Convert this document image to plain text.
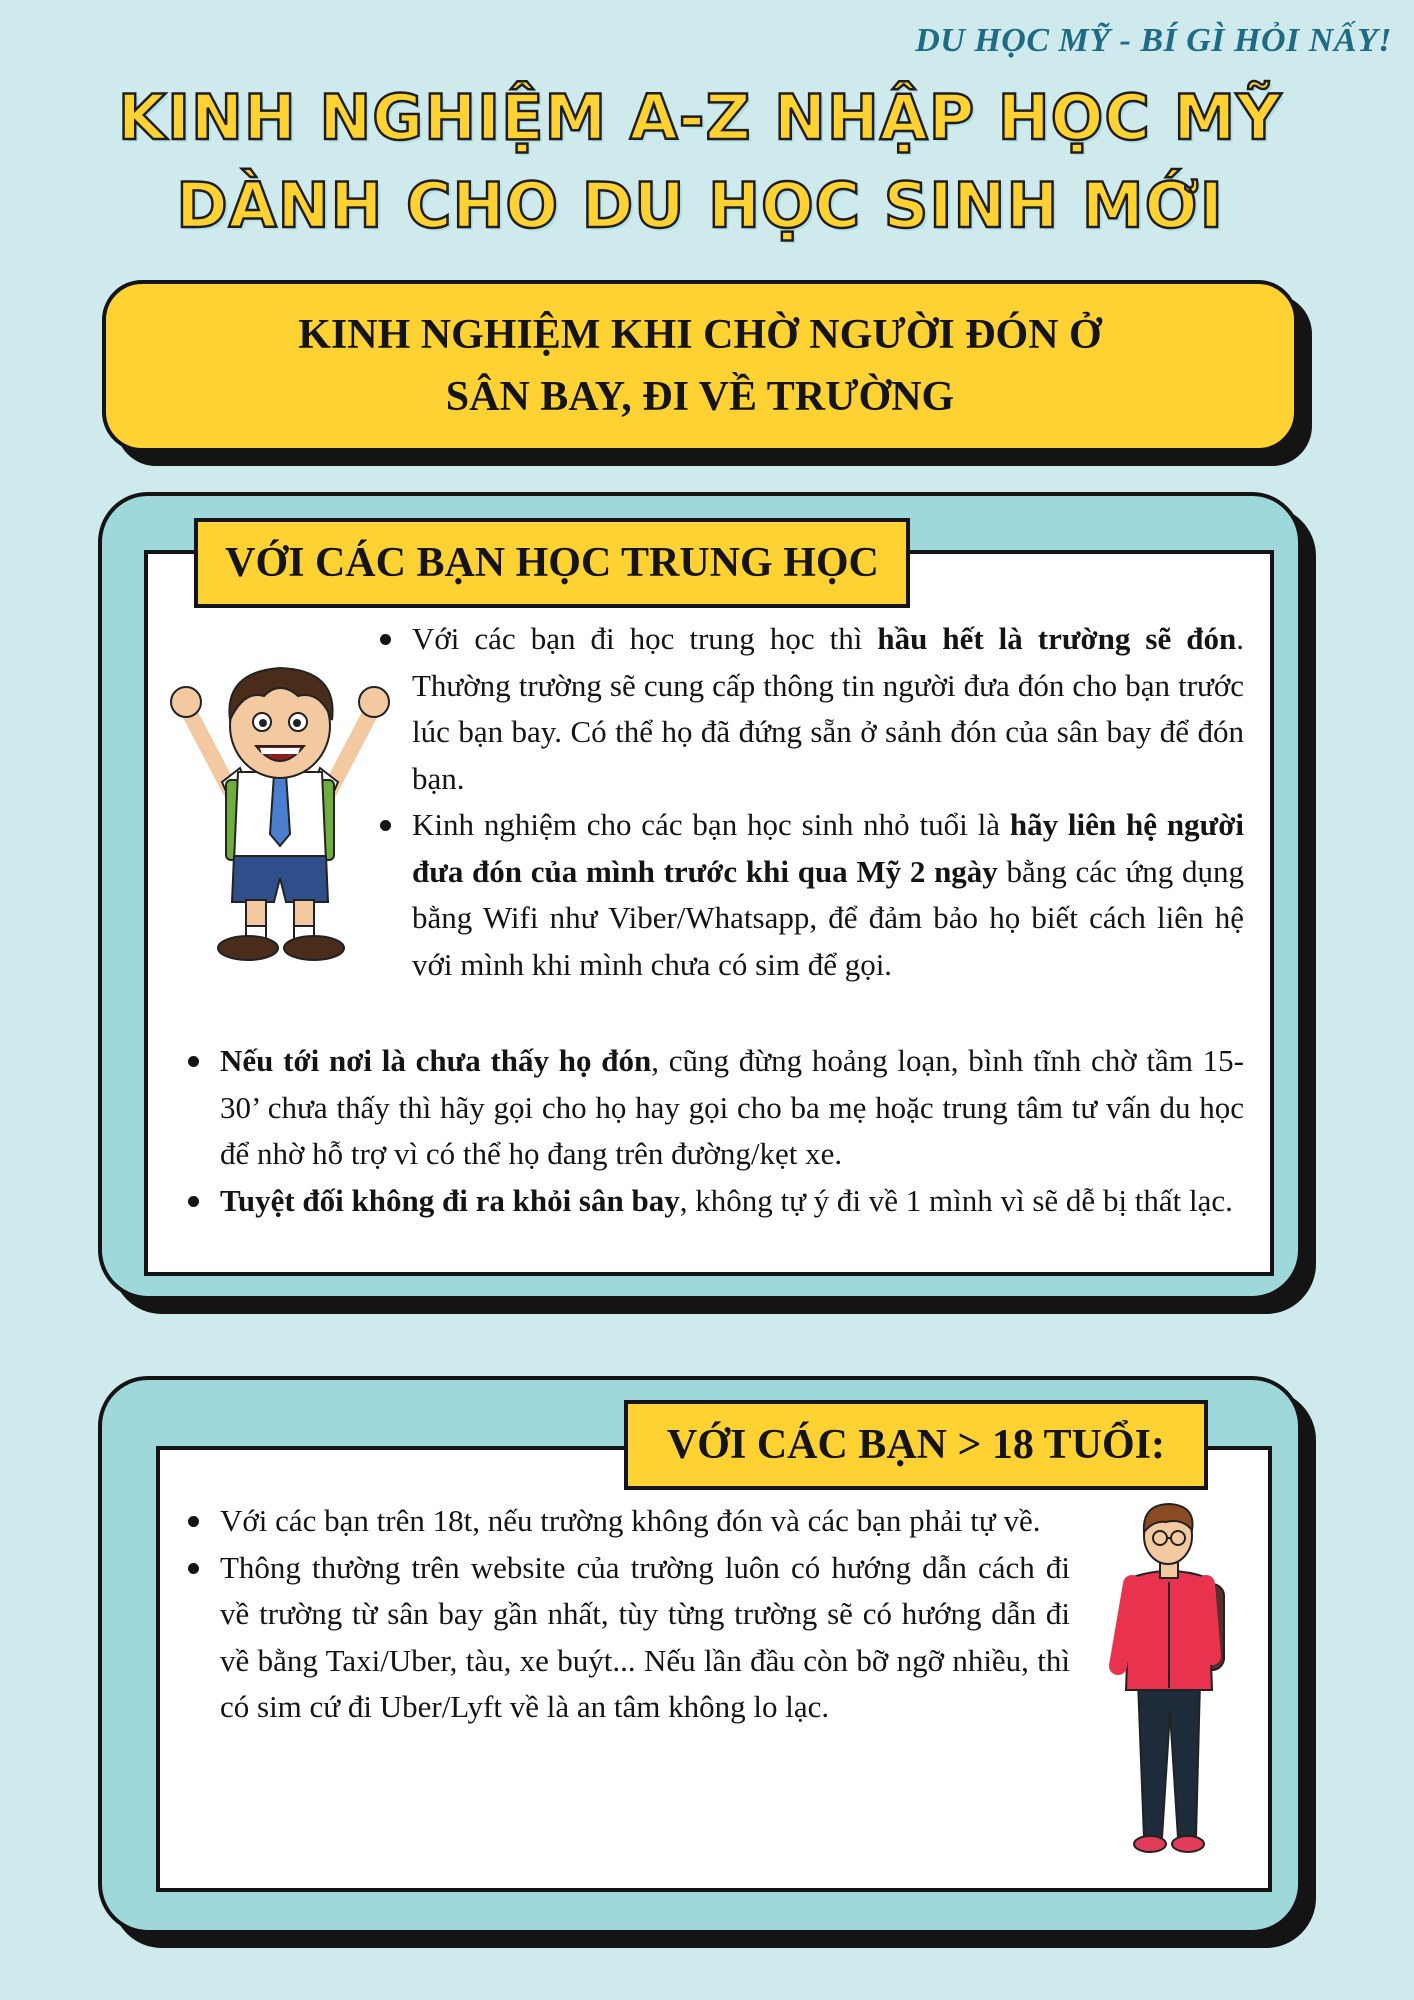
DU HỌC MỸ - BÍ GÌ HỎI NẤY!
KINH NGHIỆM A-Z NHẬP HỌC MỸ
DÀNH CHO DU HỌC SINH MỚI
KINH NGHIỆM KHI CHỜ NGƯỜI ĐÓN Ở
SÂN BAY, ĐI VỀ TRƯỜNG
VỚI CÁC BẠN HỌC TRUNG HỌC
Với các bạn đi học trung học thì hầu hết là trường sẽ đón. Thường trường sẽ cung cấp thông tin người đưa đón cho bạn trước lúc bạn bay. Có thể họ đã đứng sẵn ở sảnh đón của sân bay để đón bạn.
Kinh nghiệm cho các bạn học sinh nhỏ tuổi là hãy liên hệ người đưa đón của mình trước khi qua Mỹ 2 ngày bằng các ứng dụng bằng Wifi như Viber/Whatsapp, để đảm bảo họ biết cách liên hệ với mình khi mình chưa có sim để gọi.
Nếu tới nơi là chưa thấy họ đón, cũng đừng hoảng loạn, bình tĩnh chờ tầm 15-30’ chưa thấy thì hãy gọi cho họ hay gọi cho ba mẹ hoặc trung tâm tư vấn du học để nhờ hỗ trợ vì có thể họ đang trên đường/kẹt xe.
Tuyệt đối không đi ra khỏi sân bay, không tự ý đi về 1 mình vì sẽ dễ bị thất lạc.
VỚI CÁC BẠN > 18 TUỔI:
Với các bạn trên 18t, nếu trường không đón và các bạn phải tự về.
Thông thường trên website của trường luôn có hướng dẫn cách đi về trường từ sân bay gần nhất, tùy từng trường sẽ có hướng dẫn đi về bằng Taxi/Uber, tàu, xe buýt... Nếu lần đầu còn bỡ ngỡ nhiều, thì có sim cứ đi Uber/Lyft về là an tâm không lo lạc.
